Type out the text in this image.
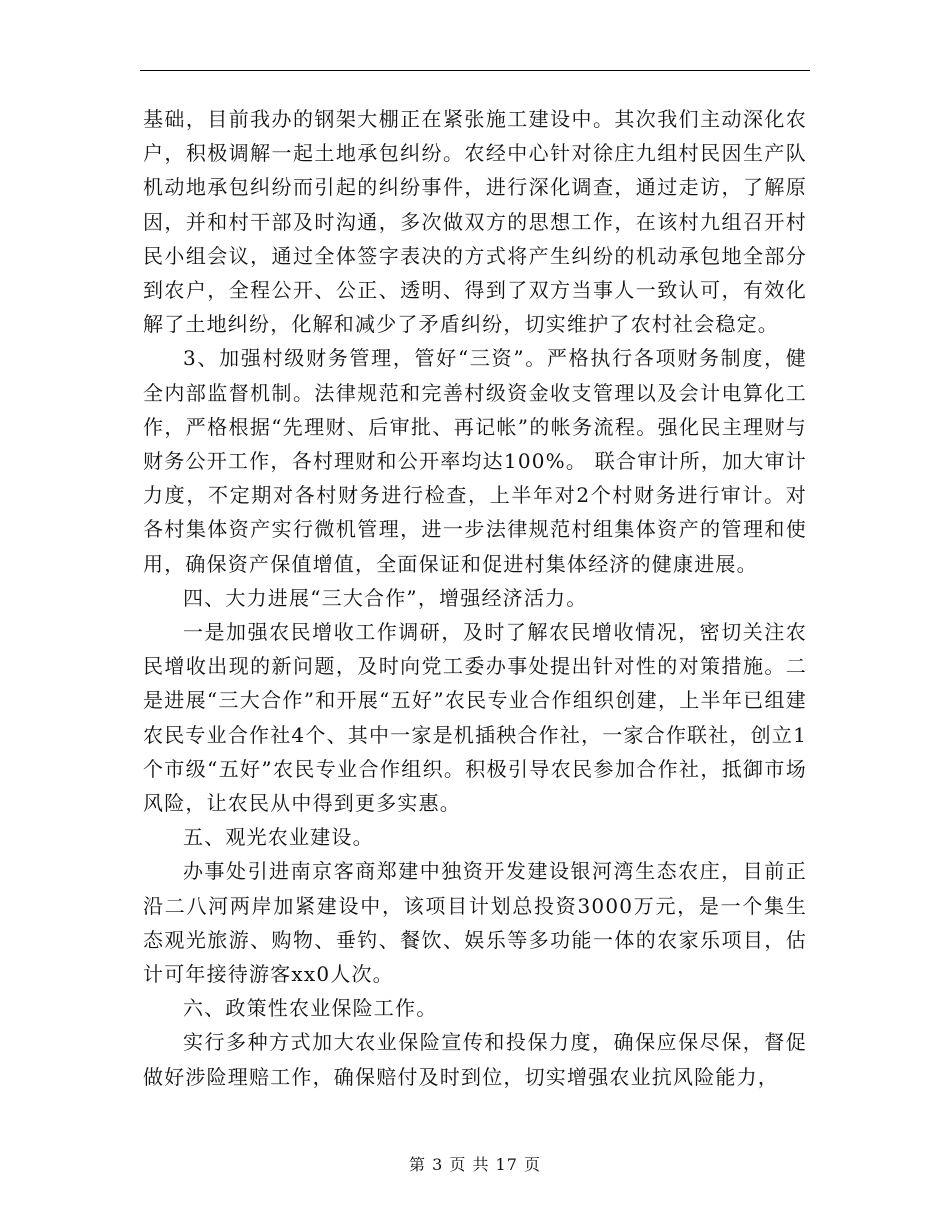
基础，目前我办的钢架大棚正在紧张施工建设中。其次我们主动深化农户，积极调解一起土地承包纠纷。农经中心针对徐庄九组村民因生产队机动地承包纠纷而引起的纠纷事件，进行深化调查，通过走访，了解原因，并和村干部及时沟通，多次做双方的思想工作，在该村九组召开村民小组会议，通过全体签字表决的方式将产生纠纷的机动承包地全部分到农户，全程公开、公正、透明、得到了双方当事人一致认可，有效化解了土地纠纷，化解和减少了矛盾纠纷，切实维护了农村社会稳定。

3、加强村级财务管理，管好“三资”。严格执行各项财务制度，健全内部监督机制。法律规范和完善村级资金收支管理以及会计电算化工作，严格根据“先理财、后审批、再记帐”的帐务流程。强化民主理财与财务公开工作，各村理财和公开率均达100%。 联合审计所，加大审计力度，不定期对各村财务进行检查，上半年对2个村财务进行审计。对各村集体资产实行微机管理，进一步法律规范村组集体资产的管理和使用，确保资产保值增值，全面保证和促进村集体经济的健康进展。

四、大力进展“三大合作”，增强经济活力。

一是加强农民增收工作调研，及时了解农民增收情况，密切关注农民增收出现的新问题，及时向党工委办事处提出针对性的对策措施。二是进展“三大合作”和开展“五好”农民专业合作组织创建，上半年已组建农民专业合作社4个、其中一家是机插秧合作社，一家合作联社，创立1个市级“五好”农民专业合作组织。积极引导农民参加合作社，抵御市场风险，让农民从中得到更多实惠。

五、观光农业建设。

办事处引进南京客商郑建中独资开发建设银河湾生态农庄，目前正沿二八河两岸加紧建设中，该项目计划总投资3000万元，是一个集生态观光旅游、购物、垂钓、餐饮、娱乐等多功能一体的农家乐项目，估计可年接待游客xx0人次。

六、政策性农业保险工作。

实行多种方式加大农业保险宣传和投保力度，确保应保尽保，督促做好涉险理赔工作，确保赔付及时到位，切实增强农业抗风险能力，

第 3 页 共 17 页
